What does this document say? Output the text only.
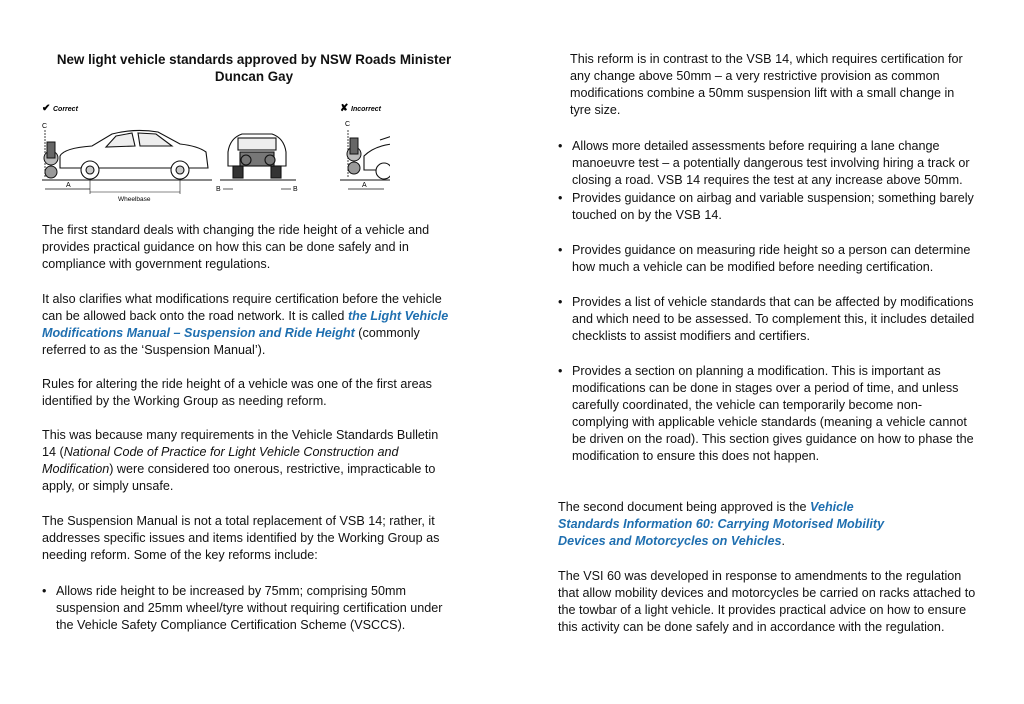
New light vehicle standards approved by NSW Roads Minister Duncan Gay
✔ Correct
C
A
Wheelbase
B	B
✘ Incorrect
C
A

The first standard deals with changing the ride height of a vehicle and provides practical guidance on how this can be done safely and in compliance with government regulations.

It also clarifies what modifications require certification before the vehicle can be allowed back onto the road network. It is called the Light Vehicle Modifications Manual – Suspension and Ride Height (commonly referred to as the ‘Suspension Manual’).

Rules for altering the ride height of a vehicle was one of the first areas identified by the Working Group as needing reform.

This was because many requirements in the Vehicle Standards Bulletin 14 (National Code of Practice for Light Vehicle Construction and Modification) were considered too onerous, restrictive, impracticable to apply, or simply unsafe.

The Suspension Manual is not a total replacement of VSB 14; rather, it addresses specific issues and items identified by the Working Group as needing reform. Some of the key reforms include:

• Allows ride height to be increased by 75mm; comprising 50mm suspension and 25mm wheel/tyre without requiring certification under the Vehicle Safety Compliance Certification Scheme (VSCCS).

This reform is in contrast to the VSB 14, which requires certification for any change above 50mm – a very restrictive provision as common modifications combine a 50mm suspension lift with a small change in tyre size.

• Allows more detailed assessments before requiring a lane change manoeuvre test – a potentially dangerous test involving hiring a track or closing a road. VSB 14 requires the test at any increase above 50mm.

• Provides guidance on airbag and variable suspension; something barely touched on by the VSB 14.

• Provides guidance on measuring ride height so a person can determine how much a vehicle can be modified before needing certification.

• Provides a list of vehicle standards that can be affected by modifications and which need to be assessed. To complement this, it includes detailed checklists to assist modifiers and certifiers.

• Provides a section on planning a modification. This is important as modifications can be done in stages over a period of time, and unless carefully coordinated, the vehicle can temporarily become non-complying with applicable vehicle standards (meaning a vehicle cannot be driven on the road). This section gives guidance on how to phase the modification to ensure this does not happen.

The second document being approved is the Vehicle Standards Information 60: Carrying Motorised Mobility Devices and Motorcycles on Vehicles.

The VSI 60 was developed in response to amendments to the regulation that allow mobility devices and motorcycles be carried on racks attached to the towbar of a light vehicle. It provides practical advice on how to ensure this activity can be done safely and in accordance with the regulation.
